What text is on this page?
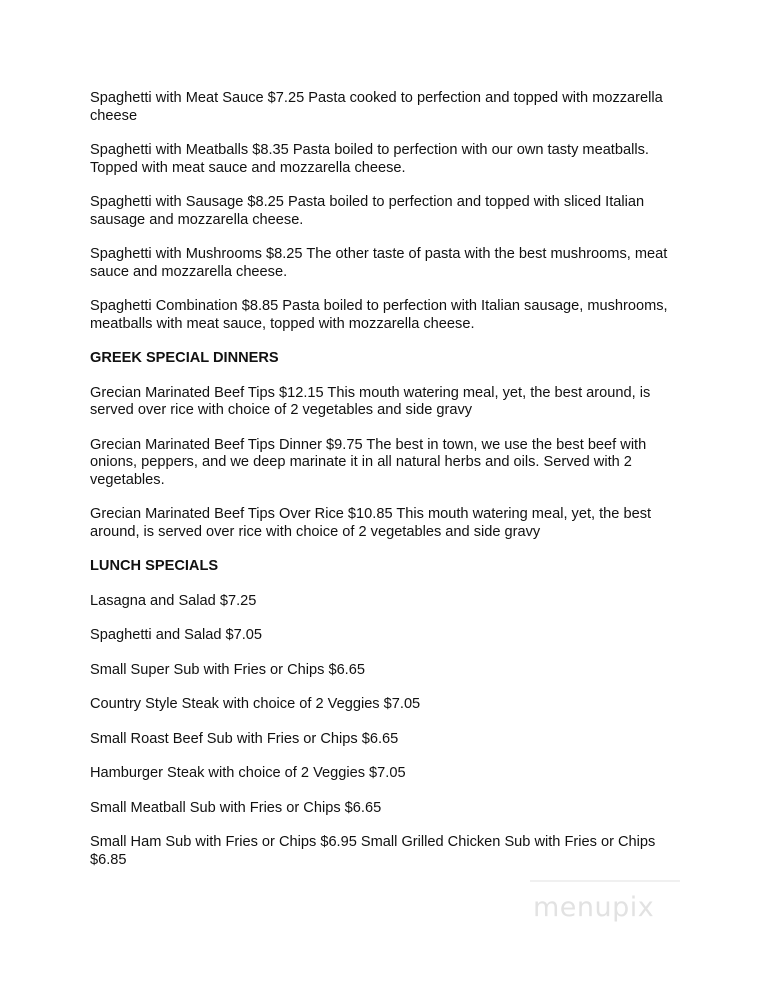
Spaghetti with Meat Sauce $7.25 Pasta cooked to perfection and topped with mozzarella cheese

Spaghetti with Meatballs $8.35 Pasta boiled to perfection with our own tasty meatballs. Topped with meat sauce and mozzarella cheese.

Spaghetti with Sausage $8.25 Pasta boiled to perfection and topped with sliced Italian sausage and mozzarella cheese.

Spaghetti with Mushrooms $8.25 The other taste of pasta with the best mushrooms, meat sauce and mozzarella cheese.

Spaghetti Combination $8.85 Pasta boiled to perfection with Italian sausage, mushrooms, meatballs with meat sauce, topped with mozzarella cheese.

GREEK SPECIAL DINNERS

Grecian Marinated Beef Tips $12.15 This mouth watering meal, yet, the best around, is served over rice with choice of 2 vegetables and side gravy

Grecian Marinated Beef Tips Dinner $9.75 The best in town, we use the best beef with onions, peppers, and we deep marinate it in all natural herbs and oils. Served with 2 vegetables.

Grecian Marinated Beef Tips Over Rice $10.85 This mouth watering meal, yet, the best around, is served over rice with choice of 2 vegetables and side gravy

LUNCH SPECIALS

Lasagna and Salad $7.25

Spaghetti and Salad $7.05

Small Super Sub with Fries or Chips $6.65

Country Style Steak with choice of 2 Veggies $7.05

Small Roast Beef Sub with Fries or Chips $6.65

Hamburger Steak with choice of 2 Veggies $7.05

Small Meatball Sub with Fries or Chips $6.65

Small Ham Sub with Fries or Chips $6.95 Small Grilled Chicken Sub with Fries or Chips $6.85

menupix
